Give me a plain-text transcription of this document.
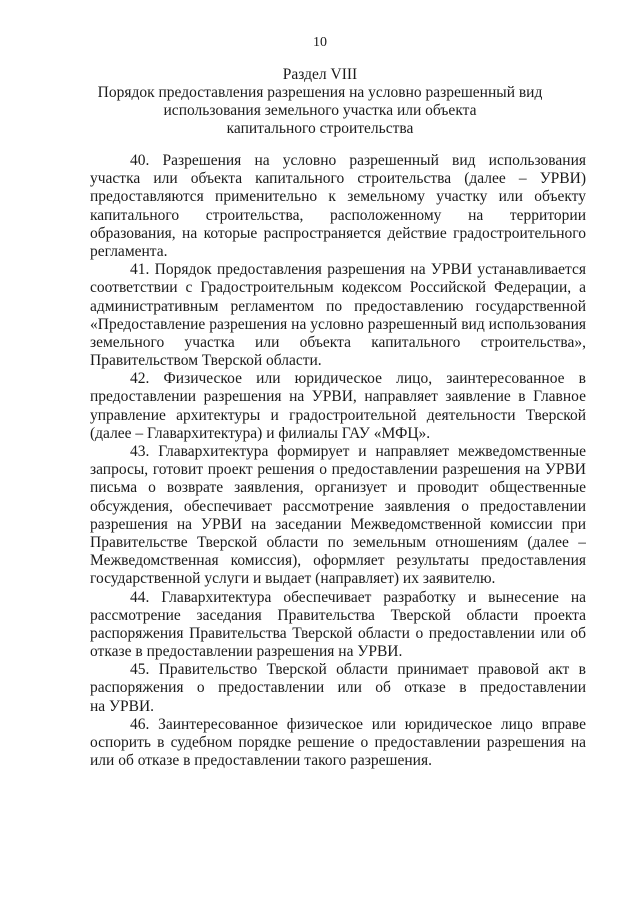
10
Раздел VIII
Порядок предоставления разрешения на условно разрешенный вид
использования земельного участка или объекта
капитального строительства
40. Разрешения на условно разрешенный вид использования
участка или объекта капитального строительства (далее – УРВИ)
предоставляются применительно к земельному участку или объекту
капитального строительства, расположенному на территории
образования, на которые распространяется действие градостроительного
регламента.
41. Порядок предоставления разрешения на УРВИ устанавливается
соответствии с Градостроительным кодексом Российской Федерации, а
административным регламентом по предоставлению государственной
«Предоставление разрешения на условно разрешенный вид использования
земельного участка или объекта капитального строительства»,
Правительством Тверской области.
42. Физическое или юридическое лицо, заинтересованное в
предоставлении разрешения на УРВИ, направляет заявление в Главное
управление архитектуры и градостроительной деятельности Тверской
(далее – Главархитектура) и филиалы ГАУ «МФЦ».
43. Главархитектура формирует и направляет межведомственные
запросы, готовит проект решения о предоставлении разрешения на УРВИ
письма о возврате заявления, организует и проводит общественные
обсуждения, обеспечивает рассмотрение заявления о предоставлении
разрешения на УРВИ на заседании Межведомственной комиссии при
Правительстве Тверской области по земельным отношениям (далее –
Межведомственная комиссия), оформляет результаты предоставления
государственной услуги и выдает (направляет) их заявителю.
44. Главархитектура обеспечивает разработку и вынесение на
рассмотрение заседания Правительства Тверской области проекта
распоряжения Правительства Тверской области о предоставлении или об
отказе в предоставлении разрешения на УРВИ.
45. Правительство Тверской области принимает правовой акт в
распоряжения о предоставлении или об отказе в предоставлении
на УРВИ.
46. Заинтересованное физическое или юридическое лицо вправе
оспорить в судебном порядке решение о предоставлении разрешения на
или об отказе в предоставлении такого разрешения.
